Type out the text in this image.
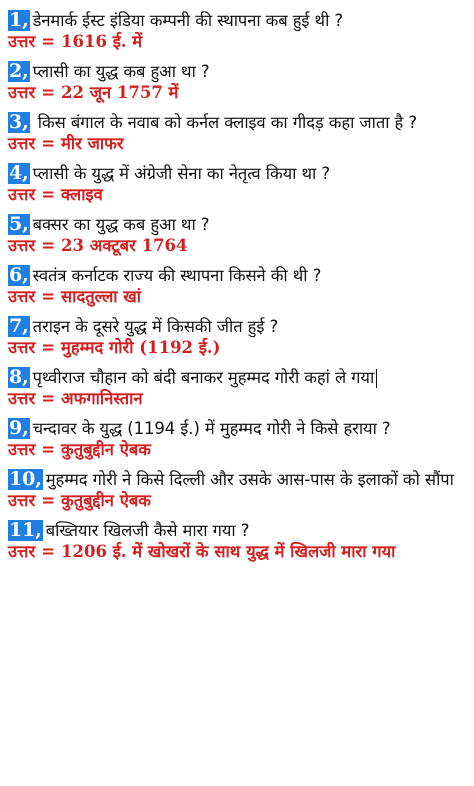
1, डेनमार्क ईस्ट इंडिया कम्पनी की स्थापना कब हुई थी ?
उत्तर = 1616 ई. में
2, प्लासी का युद्ध कब हुआ था ?
उत्तर = 22 जून 1757 में
3, किस बंगाल के नवाब को कर्नल क्लाइव का गीदड़ कहा जाता है ?
उत्तर = मीर जाफर
4, प्लासी के युद्ध में अंग्रेजी सेना का नेतृत्व किया था ?
उत्तर = क्लाइव
5, बक्सर का युद्ध कब हुआ था ?
उत्तर = 23 अक्टूबर 1764
6, स्वतंत्र कर्नाटक राज्य की स्थापना किसने की थी ?
उत्तर = सादतुल्ला खां
7, तराइन के दूसरे युद्ध में किसकी जीत हुई ?
उत्तर = मुहम्मद गोरी (1192 ई.)
8, पृथ्वीराज चौहान को बंदी बनाकर मुहम्मद गोरी कहां ले गया
उत्तर = अफगानिस्तान
9, चन्दावर के युद्ध (1194 ई.) में मुहम्मद गोरी ने किसे हराया ?
उत्तर = कुतुबुद्दीन ऐबक
10, मुहम्मद गोरी ने किसे दिल्ली और उसके आस-पास के इलाकों को सौंपा
उत्तर = कुतुबुद्दीन ऐबक
11, बख्तियार खिलजी कैसे मारा गया ?
उत्तर = 1206 ई. में खोखरों के साथ युद्ध में खिलजी मारा गया
